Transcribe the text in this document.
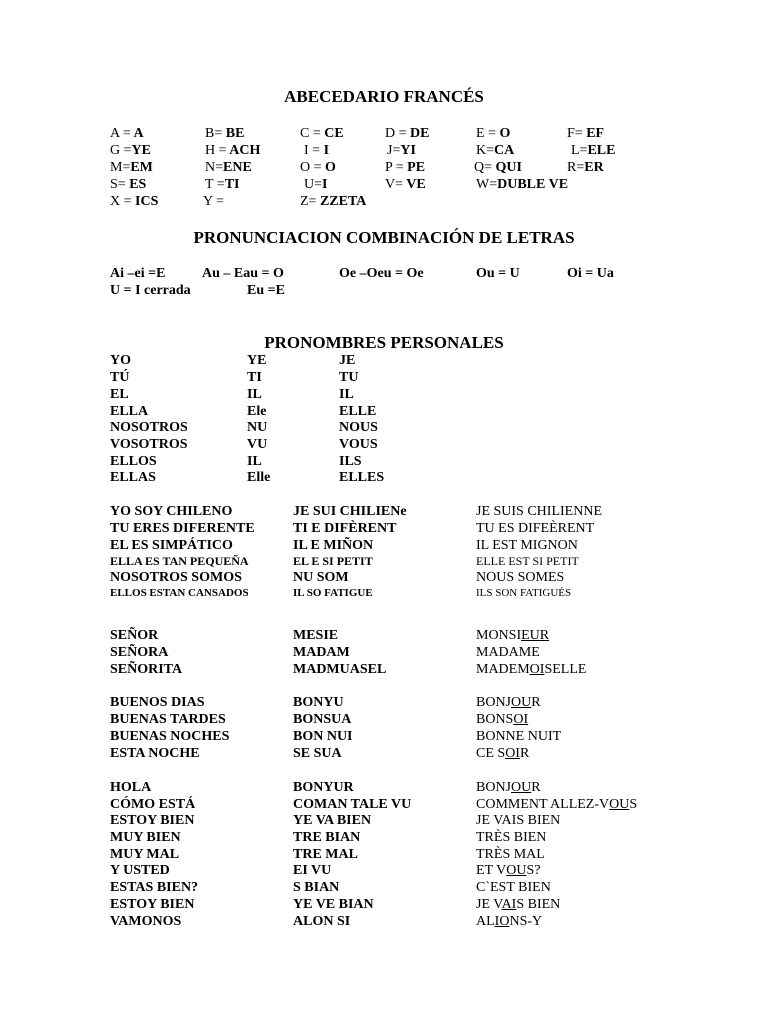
ABECEDARIO FRANCÉS
A = A	B= BE	C = CE	D = DE	E = O	F= EF
G =YE	H = ACH	I = I	J=YI	K=CA	L=ELE
M=EM	N=ENE	O = O	P = PE	Q= QUI	R=ER
S= ES	T =TI	U=I	V= VE	W=DUBLE VE
X = ICS	Y =	Z= ZZETA
PRONUNCIACION COMBINACIÓN DE LETRAS
Ai –ei =E	Au – Eau = O	Oe –Oeu = Oe	Ou = U	Oi = Ua
U = I cerrada	Eu =E
PRONOMBRES PERSONALES
YO	YE	JE
TÚ	TI	TU
EL	IL	IL
ELLA	Ele	ELLE
NOSOTROS	NU	NOUS
VOSOTROS	VU	VOUS
ELLOS	IL	ILS
ELLAS	Elle	ELLES
YO SOY CHILENO	JE SUI CHILIENe	JE SUIS CHILIENNE
TU ERES DIFERENTE	TI E DIFÈRENT	TU ES DIFEÈRENT
EL ES SIMPÁTICO	IL E MIÑON	IL EST MIGNON
ELLA ES TAN PEQUEÑA	EL E SI PETIT	ELLE EST SI PETIT
NOSOTROS SOMOS	NU SOM	NOUS SOMES
ELLOS ESTAN CANSADOS	IL SO FATIGUE	ILS SON FATIGUÉS
SEÑOR	MESIE	MONSIEUR
SEÑORA	MADAM	MADAME
SEÑORITA	MADMUASEL	MADEMOISELLE
BUENOS DIAS	BONYU	BONJOUR
BUENAS TARDES	BONSUA	BONSOI
BUENAS NOCHES	BON NUI	BONNE NUIT
ESTA NOCHE	SE SUA	CE SOIR
HOLA	BONYUR	BONJOUR
CÓMO ESTÁ	COMAN TALE VU	COMMENT ALLEZ-VOUS
ESTOY BIEN	YE VA BIEN	JE VAIS BIEN
MUY BIEN	TRE BIAN	TRÈS BIEN
MUY MAL	TRE MAL	TRÈS MAL
Y USTED	EI VU	ET VOUS?
ESTAS BIEN?	S BIAN	C`EST BIEN
ESTOY BIEN	YE VE BIAN	JE VAIS BIEN
VAMONOS	ALON SI	ALIONS-Y
